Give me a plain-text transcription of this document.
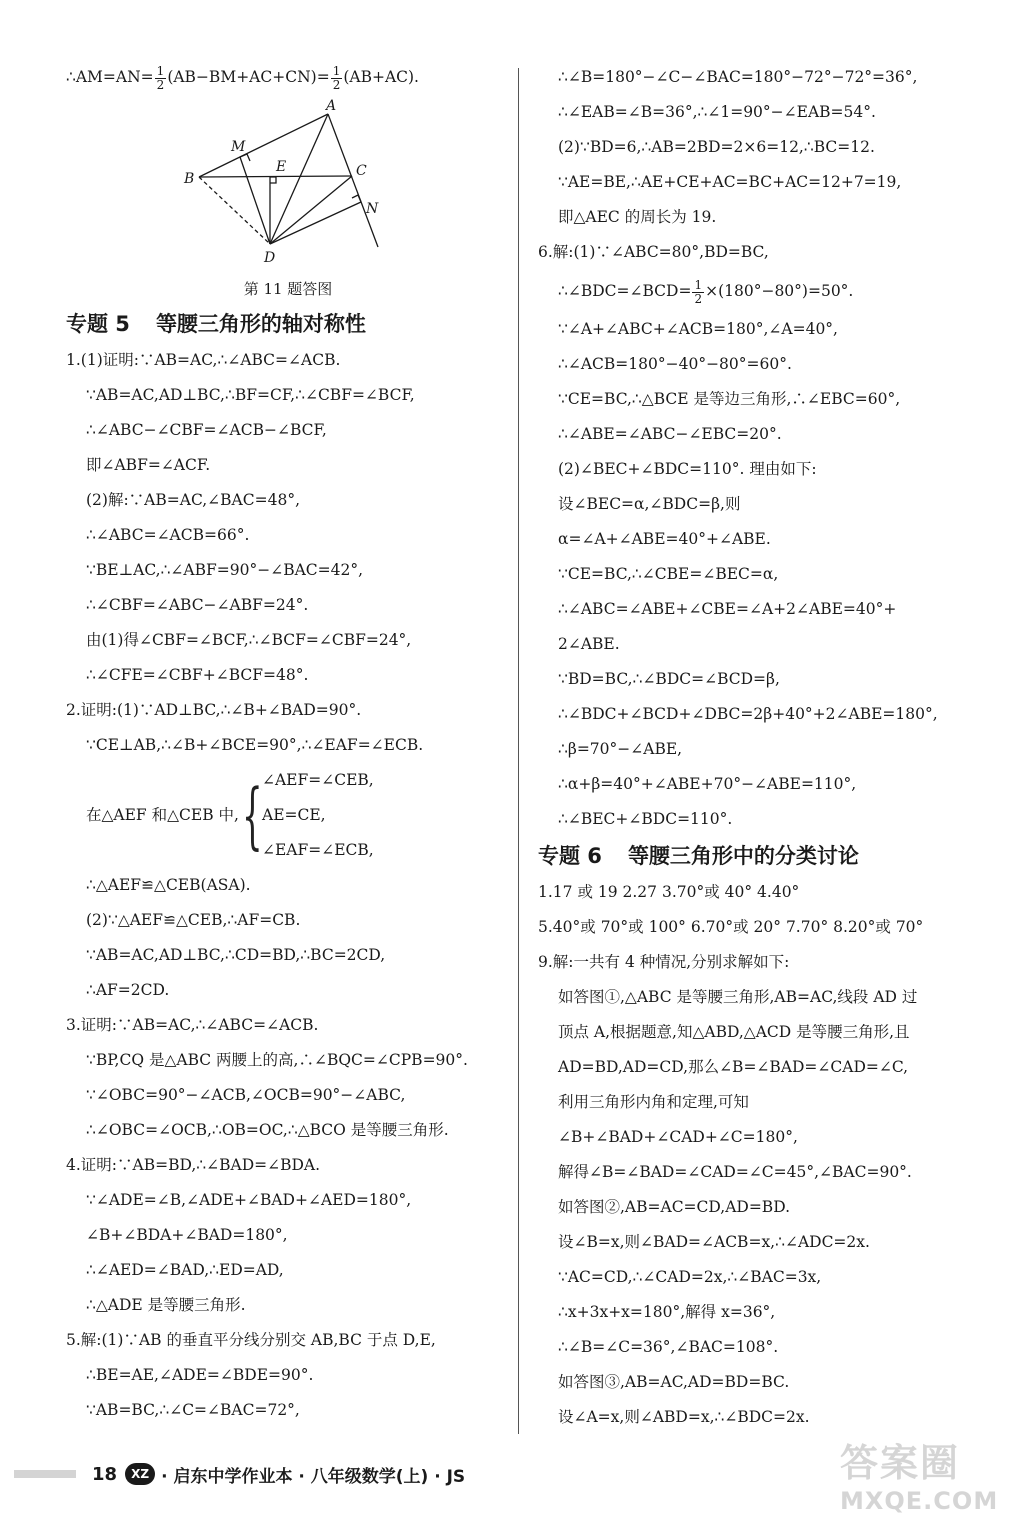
∴AM=AN= $\frac{1}{2} (AB-BM+AC+CN)= \frac{1}{2} (AB+AC)$.
A
B	C
D
E
M
N
第 11 题答图
专题 5 等腰三角形的轴对称性
1.(1)证明:∵AB=AC,∴∠ABC=∠ACB.
∵AB=AC,AD⊥BC,∴BF=CF,∴∠CBF=∠BCF,
∴∠ABC−∠CBF=∠ACB−∠BCF,
即∠ABF=∠ACF.
(2)解:∵AB=AC,∠BAC=48°,
∴∠ABC=∠ACB=66°.
∵BE⊥AC,∴∠ABF=90°−∠BAC=42°,
∴∠CBF=∠ABC−∠ABF=24°.
由(1)得∠CBF=∠BCF,∴∠BCF=∠CBF=24°,
∴∠CFE=∠CBF+∠BCF=48°.
2.证明:(1)∵AD⊥BC,∴∠B+∠BAD=90°.
∵CE⊥AB,∴∠B+∠BCE=90°,∴∠EAF=∠ECB.
在△AEF 和△CEB 中, { ∠AEF=∠CEB,
AE=CE,
∠EAF=∠ECB,
∴△AEF≌△CEB(ASA).
(2)∵△AEF≌△CEB,∴AF=CB.
∵AB=AC,AD⊥BC,∴CD=BD,∴BC=2CD,
∴AF=2CD.
3.证明:∵AB=AC,∴∠ABC=∠ACB.
∵BP,CQ 是△ABC 两腰上的高,∴∠BQC=∠CPB=90°.
∵∠OBC=90°−∠ACB,∠OCB=90°−∠ABC,
∴∠OBC=∠OCB,∴OB=OC,∴△BCO 是等腰三角形.
4.证明:∵AB=BD,∴∠BAD=∠BDA.
∵∠ADE=∠B,∠ADE+∠BAD+∠AED=180°,
∠B+∠BDA+∠BAD=180°,
∴∠AED=∠BAD,∴ED=AD,
∴△ADE 是等腰三角形.
5.解:(1)∵AB 的垂直平分线分别交 AB,BC 于点 D,E,
∴BE=AE,∠ADE=∠BDE=90°.
∵AB=BC,∴∠C=∠BAC=72°,
∴∠B=180°−∠C−∠BAC=180°−72°−72°=36°,
∴∠EAB=∠B=36°,∴∠1=90°−∠EAB=54°.
(2)∵BD=6,∴AB=2BD=2×6=12,∴BC=12.
∵AE=BE,∴AE+CE+AC=BC+AC=12+7=19,
即△AEC 的周长为 19.
6.解:(1)∵∠ABC=80°,BD=BC,
∴∠BDC=∠BCD= $\frac{1}{2} \times(180^\circ-80^\circ)=50^\circ$.
∵∠A+∠ABC+∠ACB=180°,∠A=40°,
∴∠ACB=180°−40°−80°=60°.
∵CE=BC,∴△BCE 是等边三角形,∴∠EBC=60°,
∴∠ABE=∠ABC−∠EBC=20°.
(2)∠BEC+∠BDC=110°. 理由如下:
设∠BEC=α,∠BDC=β,则
α=∠A+∠ABE=40°+∠ABE.
∵CE=BC,∴∠CBE=∠BEC=α,
∴∠ABC=∠ABE+∠CBE=∠A+2∠ABE=40°+
2∠ABE.
∵BD=BC,∴∠BDC=∠BCD=β,
∴∠BDC+∠BCD+∠DBC=2β+40°+2∠ABE=180°,
∴β=70°−∠ABE,
∴α+β=40°+∠ABE+70°−∠ABE=110°,
∴∠BEC+∠BDC=110°.
专题 6 等腰三角形中的分类讨论
1.17 或 19 2.27 3.70°或 40° 4.40°
5.40°或 70°或 100° 6.70°或 20° 7.70° 8.20°或 70°
9.解:一共有 4 种情况,分别求解如下:
如答图①,△ABC 是等腰三角形,AB=AC,线段 AD 过
顶点 A,根据题意,知△ABD,△ACD 是等腰三角形,且
AD=BD,AD=CD,那么∠B=∠BAD=∠CAD=∠C,
利用三角形内角和定理,可知
∠B+∠BAD+∠CAD+∠C=180°,
解得∠B=∠BAD=∠CAD=∠C=45°,∠BAC=90°.
如答图②,AB=AC=CD,AD=BD.
设∠B=x,则∠BAD=∠ACB=x,∴∠ADC=2x.
∵AC=CD,∴∠CAD=2x,∴∠BAC=3x,
∴x+3x+x=180°,解得 x=36°,
∴∠B=∠C=36°,∠BAC=108°.
如答图③,AB=AC,AD=BD=BC.
设∠A=x,则∠ABD=x,∴∠BDC=2x.
18	XZ · 启东中学作业本 · 八年级数学(上) · JS	答案圈
MXQE.COM
